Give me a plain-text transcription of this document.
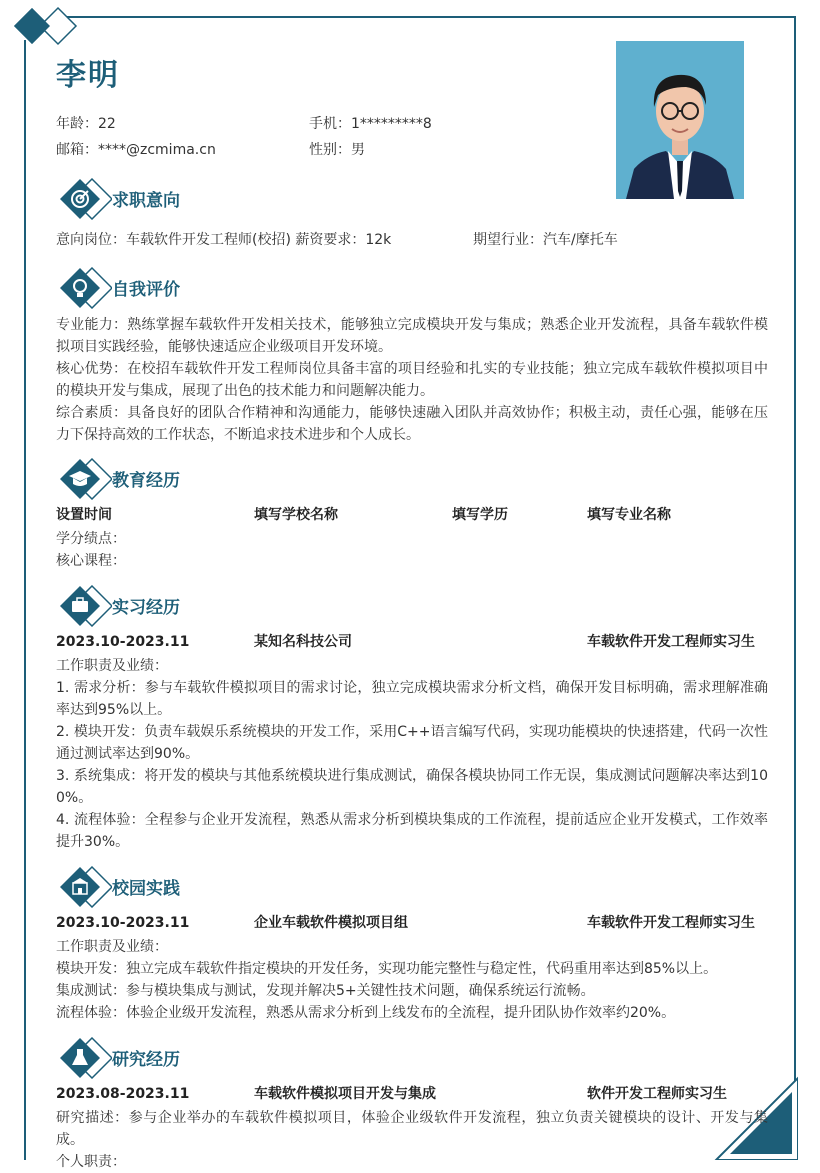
李明
年龄：22	手机：1*********8
邮箱：****@zcmima.cn	性别：男
求职意向
意向岗位：车载软件开发工程师(校招) 薪资要求：12k	期望行业：汽车/摩托车
自我评价
专业能力：熟练掌握车载软件开发相关技术，能够独立完成模块开发与集成；熟悉企业开发流程，具备车载软件模拟项目实践经验，能够快速适应企业级项目开发环境。
核心优势：在校招车载软件开发工程师岗位具备丰富的项目经验和扎实的专业技能；独立完成车载软件模拟项目中的模块开发与集成，展现了出色的技术能力和问题解决能力。
综合素质：具备良好的团队合作精神和沟通能力，能够快速融入团队并高效协作；积极主动，责任心强，能够在压力下保持高效的工作状态，不断追求技术进步和个人成长。
教育经历
设置时间	填写学校名称	填写学历	填写专业名称
学分绩点：
核心课程：
实习经历
2023.10-2023.11	某知名科技公司	车载软件开发工程师实习生
工作职责及业绩：
1. 需求分析：参与车载软件模拟项目的需求讨论，独立完成模块需求分析文档，确保开发目标明确，需求理解准确率达到95%以上。
2. 模块开发：负责车载娱乐系统模块的开发工作，采用C++语言编写代码，实现功能模块的快速搭建，代码一次性通过测试率达到90%。
3. 系统集成：将开发的模块与其他系统模块进行集成测试，确保各模块协同工作无误，集成测试问题解决率达到100%。
4. 流程体验：全程参与企业开发流程，熟悉从需求分析到模块集成的工作流程，提前适应企业开发模式，工作效率提升30%。
校园实践
2023.10-2023.11	企业车载软件模拟项目组	车载软件开发工程师实习生
工作职责及业绩：
模块开发：独立完成车载软件指定模块的开发任务，实现功能完整性与稳定性，代码重用率达到85%以上。
集成测试：参与模块集成与测试，发现并解决5+关键性技术问题，确保系统运行流畅。
流程体验：体验企业级开发流程，熟悉从需求分析到上线发布的全流程，提升团队协作效率约20%。
研究经历
2023.08-2023.11	车载软件模拟项目开发与集成	软件开发工程师实习生
研究描述：参与企业举办的车载软件模拟项目，体验企业级软件开发流程，独立负责关键模块的设计、开发与集成。
个人职责：
